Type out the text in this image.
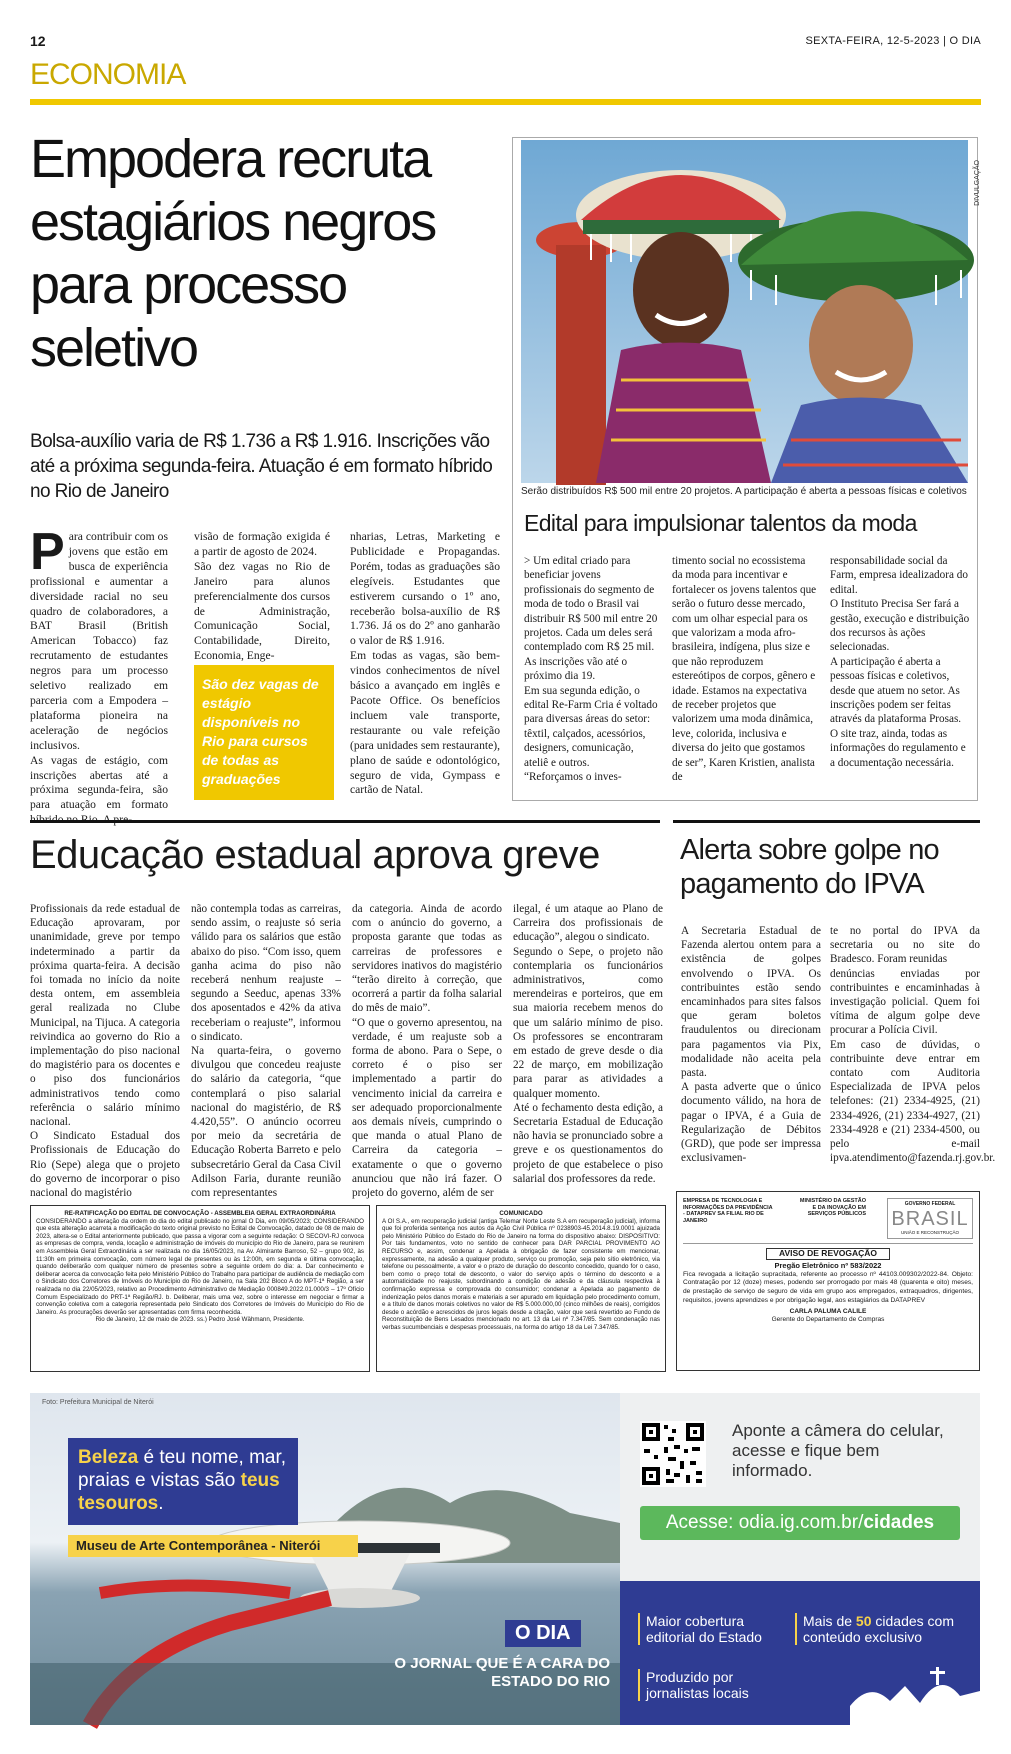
12	SEXTA-FEIRA, 12-5-2023 | O DIA
ECONOMIA
Empodera recruta estagiários negros para processo seletivo
Bolsa-auxílio varia de R$ 1.736 a R$ 1.916. Inscrições vão até a próxima segunda-feira. Atuação é em formato híbrido no Rio de Janeiro
Para contribuir com os jovens que estão em busca de experiência profissional e aumentar a diversidade racial no seu quadro de colaboradores, a BAT Brasil (British American Tobacco) faz recrutamento de estudantes negros para um processo seletivo realizado em parceria com a Empodera – plataforma pioneira na aceleração de negócios inclusivos.
As vagas de estágio, com inscrições abertas até a próxima segunda-feira, são para atuação em formato
visão de formação exigida é a partir de agosto de 2024.
São dez vagas no Rio de Janeiro para alunos preferencialmente dos cursos de Administração, Comunicação Social, Contabilidade, Direito, Economia, Enge-
São dez vagas de estágio disponíveis no Rio para cursos de todas as graduações
nharias, Letras, Marketing e Publicidade e Propagandas. Porém, todas as graduações são elegíveis. Estudantes que estiverem cursando o 1º ano, receberão bolsa-auxílio de R$ 1.736. Já os do 2º ano ganharão o valor de R$ 1.916.
Em todas as vagas, são bem-vindos conhecimentos de nível básico a avançado em inglês e Pacote Office. Os benefícios incluem vale transporte, restaurante ou vale refeição (para unidades sem restaurante), plano de saúde e odontológico, seguro de vida, Gympass e cartão de Natal.
DIVULGAÇÃO
Serão distribuídos R$ 500 mil entre 20 projetos. A participação é aberta a pessoas físicas e coletivos
Edital para impulsionar talentos da moda
> Um edital criado para beneficiar jovens profissionais do segmento de moda de todo o Brasil vai distribuir R$ 500 mil entre 20 projetos. Cada um deles será contemplado com R$ 25 mil. As inscrições vão até o próximo dia 19.
Em sua segunda edição, o edital Re-Farm Cria é voltado para diversas áreas do setor: têxtil, calçados, acessórios, designers, comunicação, ateliê e outros.
“Reforçamos o inves-
timento social no ecossistema da moda para incentivar e fortalecer os jovens talentos que serão o futuro desse mercado, com um olhar especial para os que valorizam a moda afro-brasileira, indígena, plus size e que não reproduzem estereótipos de corpos, gênero e idade. Estamos na expectativa de receber projetos que valorizem uma moda dinâmica, leve, colorida, inclusiva e diversa do jeito que gostamos de ser”, Karen Kristien, analista de
responsabilidade social da Farm, empresa idealizadora do edital.
O Instituto Precisa Ser fará a gestão, execução e distribuição dos recursos às ações selecionadas.
A participação é aberta a pessoas físicas e coletivos, desde que atuem no setor. As inscrições podem ser feitas através da plataforma Prosas. O site traz, ainda, todas as informações do regulamento e a documentação necessária.
Educação estadual aprova greve
Profissionais da rede estadual de Educação aprovaram, por unanimidade, greve por tempo indeterminado a partir da próxima quarta-feira. A decisão foi tomada no início da noite desta ontem, em assembleia geral realizada no Clube Municipal, na Tijuca. A categoria reivindica ao governo do Rio a implementação do piso nacional do magistério para os docentes e o piso dos funcionários administrativos tendo como referência o salário mínimo nacional.
O Sindicato Estadual dos Profissionais de Educação do Rio (Sepe) alega que o projeto do governo de incorporar o piso nacional do magistério
não contempla todas as carreiras, sendo assim, o reajuste só seria válido para os salários que estão abaixo do piso. “Com isso, quem ganha acima do piso não receberá nenhum reajuste – segundo a Seeduc, apenas 33% dos aposentados e 42% da ativa receberiam o reajuste”, informou o sindicato.
Na quarta-feira, o governo divulgou que concedeu reajuste do salário da categoria, “que contemplará o piso salarial nacional do magistério, de R$ 4.420,55”. O anúncio ocorreu por meio da secretária de Educação Roberta Barreto e pelo subsecretário Geral da Casa Civil Adilson Faria, durante reunião com representantes
da categoria. Ainda de acordo com o anúncio do governo, a proposta garante que todas as carreiras de professores e servidores inativos do magistério “terão direito à correção, que ocorrerá a partir da folha salarial do mês de maio”.
“O que o governo apresentou, na verdade, é um reajuste sob a forma de abono. Para o Sepe, o correto é o piso ser implementado a partir do vencimento inicial da carreira e ser adequado proporcionalmente aos demais níveis, cumprindo o que manda o atual Plano de Carreira da categoria – exatamente o que o governo anunciou que não irá fazer. O projeto do governo, além de ser
ilegal, é um ataque ao Plano de Carreira dos profissionais de educação”, alegou o sindicato.
Segundo o Sepe, o projeto não contemplaria os funcionários administrativos, como merendeiras e porteiros, que em sua maioria recebem menos do que um salário mínimo de piso. Os professores se encontraram em estado de greve desde o dia 22 de março, em mobilização para parar as atividades a qualquer momento.
Até o fechamento desta edição, a Secretaria Estadual de Educação não havia se pronunciado sobre a greve e os questionamentos do projeto de que estabelece o piso salarial dos professores da rede.
Alerta sobre golpe no pagamento do IPVA
A Secretaria Estadual de Fazenda alertou ontem para a existência de golpes envolvendo o IPVA. Os contribuintes estão sendo encaminhados para sites falsos que geram boletos fraudulentos ou direcionam para pagamentos via Pix, modalidade não aceita pela pasta.
A pasta adverte que o único documento válido, na hora de pagar o IPVA, é a Guia de Regularização de Débitos (GRD), que pode ser impressa exclusivamen-
te no portal do IPVA da secretaria ou no site do Bradesco. Foram reunidas
denúncias enviadas por contribuintes e encaminhadas à investigação policial. Quem foi vítima de algum golpe deve procurar a Polícia Civil.
Em caso de dúvidas, o contribuinte deve entrar em contato com Auditoria Especializada de IPVA pelos telefones: (21) 2334-4925, (21) 2334-4926, (21) 2334-4927, (21) 2334-4928 e (21) 2334-4500, ou pelo e-mail ipva.atendimento@fazenda.rj.gov.br.
RE-RATIFICAÇÃO DO EDITAL DE CONVOCAÇÃO - ASSEMBLEIA GERAL EXTRAORDINÁRIA
CONSIDERANDO a alteração da ordem do dia do edital publicado no jornal O Dia, em 09/05/2023; CONSIDERANDO que esta alteração acarreta a modificação do texto original previsto no Edital de Convocação, datado de 08 de maio de 2023, altera-se o Edital anteriormente publicado, que passa a vigorar com a seguinte redação: O SECOVI-RJ convoca as empresas de compra, venda, locação e administração de imóveis do município do Rio de Janeiro, para se reunirem em Assembleia Geral Extraordinária a ser realizada no dia 16/05/2023, na Av. Almirante Barroso, 52 – grupo 902, às 11:30h em primeira convocação, com número legal de presentes ou às 12:00h, em segunda e última convocação, quando deliberarão com qualquer número de presentes sobre a seguinte ordem do dia: a. Dar conhecimento e deliberar acerca da convocação feita pelo Ministério Público do Trabalho para participar de audiência de mediação com o Sindicato dos Corretores de Imóveis do Município do Rio de Janeiro, na Sala 202 Bloco A do MPT-1ª Região, a ser realizada no dia 22/05/2023, relativo ao Procedimento Administrativo de Mediação 000849.2022.01.000/3 – 17º Ofício Comum Especializado do PRT-1ª Região/RJ. b. Deliberar, mais uma vez, sobre o interesse em negociar e firmar a convenção coletiva com a categoria representada pelo Sindicato dos Corretores de Imóveis do Município do Rio de Janeiro. As procurações deverão ser apresentadas com firma reconhecida.
Rio de Janeiro, 12 de maio de 2023. ss.) Pedro José Wähmann, Presidente.
COMUNICADO
A OI S.A., em recuperação judicial (antiga Telemar Norte Leste S.A em recuperação judicial), informa que foi proferida sentença nos autos da Ação Civil Pública nº 0238903-45.2014.8.19.0001 ajuizada pelo Ministério Público do Estado do Rio de Janeiro na forma do dispositivo abaixo: DISPOSITIVO: Por tais fundamentos, voto no sentido de conhecer para DAR PARCIAL PROVIMENTO AO RECURSO e, assim, condenar a Apelada à obrigação de fazer consistente em mencionar, expressamente, na adesão a qualquer produto, serviço ou promoção, seja pelo sítio eletrônico, via telefone ou pessoalmente, a valor e o prazo de duração do desconto concedido, quando for o caso, bem como o preço total de desconto, o valor do serviço após o término do desconto e a automaticidade no reajuste, subordinando a condição de adesão e da cláusula respectiva à confirmação expressa e comprovada do consumidor; condenar a Apelada ao pagamento de indenização pelos danos morais e materiais a ser apurado em liquidação pelo procedimento comum, e a título de danos morais coletivos no valor de R$ 5.000.000,00 (cinco milhões de reais), corrigidos desde o acórdão e acrescidos de juros legais desde a citação, valor que será revertido ao Fundo de Reconstituição de Bens Lesados mencionado no art. 13 da Lei nº 7.347/85. Sem condenação nas verbas sucumbenciais e despesas processuais, na forma do artigo 18 da Lei 7.347/85.
EMPRESA DE TECNOLOGIA E INFORMAÇÕES DA PREVIDÊNCIA - DATAPREV SA FILIAL RIO DE JANEIRO
MINISTÉRIO DA GESTÃO E DA INOVAÇÃO EM SERVIÇOS PÚBLICOS
GOVERNO FEDERAL
BRASIL
UNIÃO E RECONSTRUÇÃO
AVISO DE REVOGAÇÃO
Pregão Eletrônico nº 583/2022
Fica revogada a licitação supracitada, referente ao processo nº 44103.009302/2022-84. Objeto: Contratação por 12 (doze) meses, podendo ser prorrogado por mais 48 (quarenta e oito) meses, de prestação de serviço de seguro de vida em grupo aos empregados, extraquadros, dirigentes, requisitos, jovens aprendizes e por obrigação legal, aos estagiários da DATAPREV
CARLA PALUMA CALILE
Gerente do Departamento de Compras
Foto: Prefeitura Municipal de Niterói
Beleza é teu nome, mar, praias e vistas são teus tesouros.
Museu de Arte Contemporânea - Niterói
O DIA
O JORNAL QUE É A CARA DO ESTADO DO RIO
Aponte a câmera do celular, acesse e fique bem informado.
Acesse: odia.ig.com.br/cidades
Maior cobertura editorial do Estado
Mais de 50 cidades com conteúdo exclusivo
Produzido por jornalistas locais
